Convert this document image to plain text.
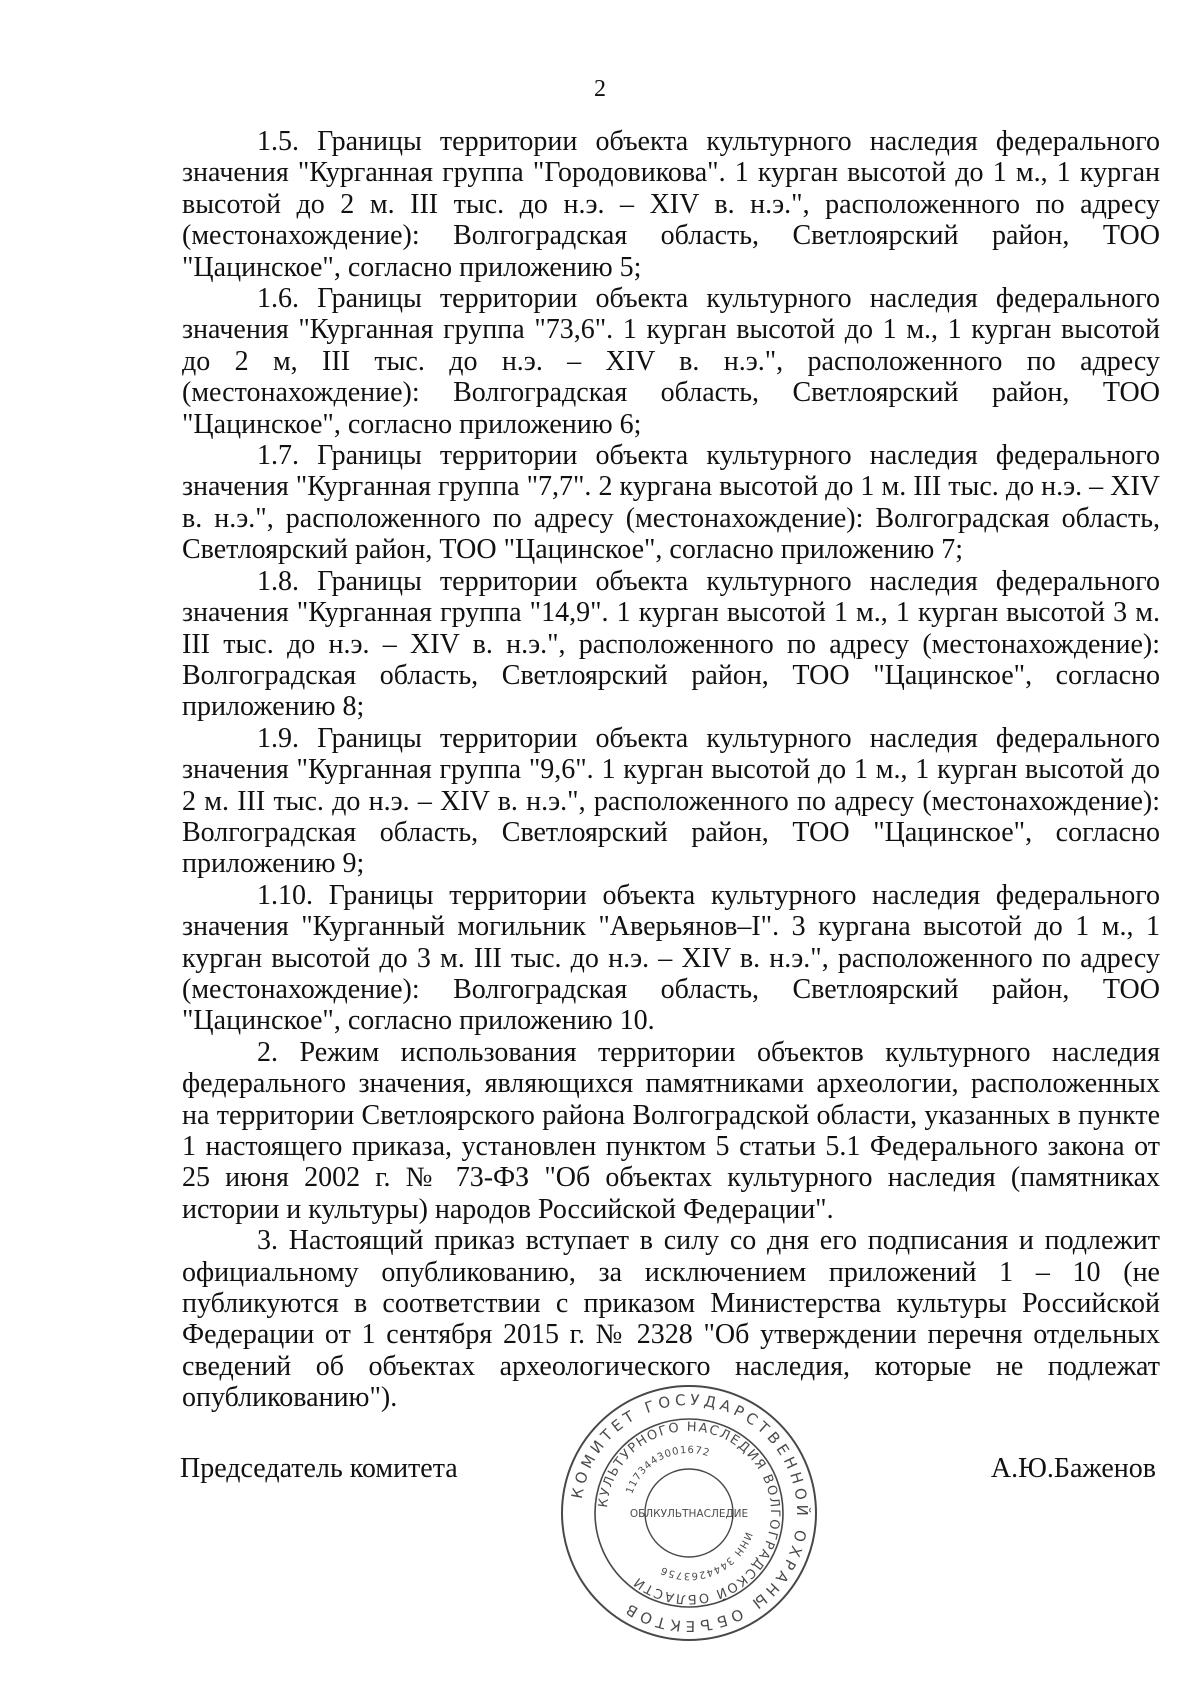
2

1.5. Границы территории объекта культурного наследия федерального значения "Курганная группа "Городовикова". 1 курган высотой до 1 м., 1 курган высотой до 2 м. III тыс. до н.э. – XIV в. н.э.", расположенного по адресу (местонахождение): Волгоградская область, Светлоярский район, ТОО "Цацинское", согласно приложению 5;

1.6. Границы территории объекта культурного наследия федерального значения "Курганная группа "73,6". 1 курган высотой до 1 м., 1 курган высотой до 2 м, III тыс. до н.э. – XIV в. н.э.", расположенного по адресу (местонахождение): Волгоградская область, Светлоярский район, ТОО "Цацинское", согласно приложению 6;

1.7. Границы территории объекта культурного наследия федерального значения "Курганная группа "7,7". 2 кургана высотой до 1 м. III тыс. до н.э. – XIV в. н.э.", расположенного по адресу (местонахождение): Волгоградская область, Светлоярский район, ТОО "Цацинское", согласно приложению 7;

1.8. Границы территории объекта культурного наследия федерального значения "Курганная группа "14,9". 1 курган высотой 1 м., 1 курган высотой 3 м. III тыс. до н.э. – XIV в. н.э.", расположенного по адресу (местонахождение): Волгоградская область, Светлоярский район, ТОО "Цацинское", согласно приложению 8;

1.9. Границы территории объекта культурного наследия федерального значения "Курганная группа "9,6". 1 курган высотой до 1 м., 1 курган высотой до 2 м. III тыс. до н.э. – XIV в. н.э.", расположенного по адресу (местонахождение): Волгоградская область, Светлоярский район, ТОО "Цацинское", согласно приложению 9;

1.10. Границы территории объекта культурного наследия федерального значения "Курганный могильник "Аверьянов–I". 3 кургана высотой до 1 м., 1 курган высотой до 3 м. III тыс. до н.э. – XIV в. н.э.", расположенного по адресу (местонахождение): Волгоградская область, Светлоярский район, ТОО "Цацинское", согласно приложению 10.

2. Режим использования территории объектов культурного наследия федерального значения, являющихся памятниками археологии, расположенных на территории Светлоярского района Волгоградской области, указанных в пункте 1 настоящего приказа, установлен пунктом 5 статьи 5.1 Федерального закона от 25 июня 2002 г. № 73-ФЗ "Об объектах культурного наследия (памятниках истории и культуры) народов Российской Федерации".

3. Настоящий приказ вступает в силу со дня его подписания и подлежит официальному опубликованию, за исключением приложений 1 – 10 (не публикуются в соответствии с приказом Министерства культуры Российской Федерации от 1 сентября 2015 г. № 2328 "Об утверждении перечня отдельных сведений об объектах археологического наследия, которые не подлежат опубликованию").

Председатель комитета	А.Ю.Баженов
КОМИТЕТ ГОСУДАРСТВЕННОЙ ОХРАНЫ ОБЪЕКТОВ
КУЛЬТУРНОГО НАСЛЕДИЯ ВОЛГОГРАДСКОЙ ОБЛАСТИ
ИНН 3444263756
1173443001672
ОБЛКУЛЬТНАСЛЕДИЕ
